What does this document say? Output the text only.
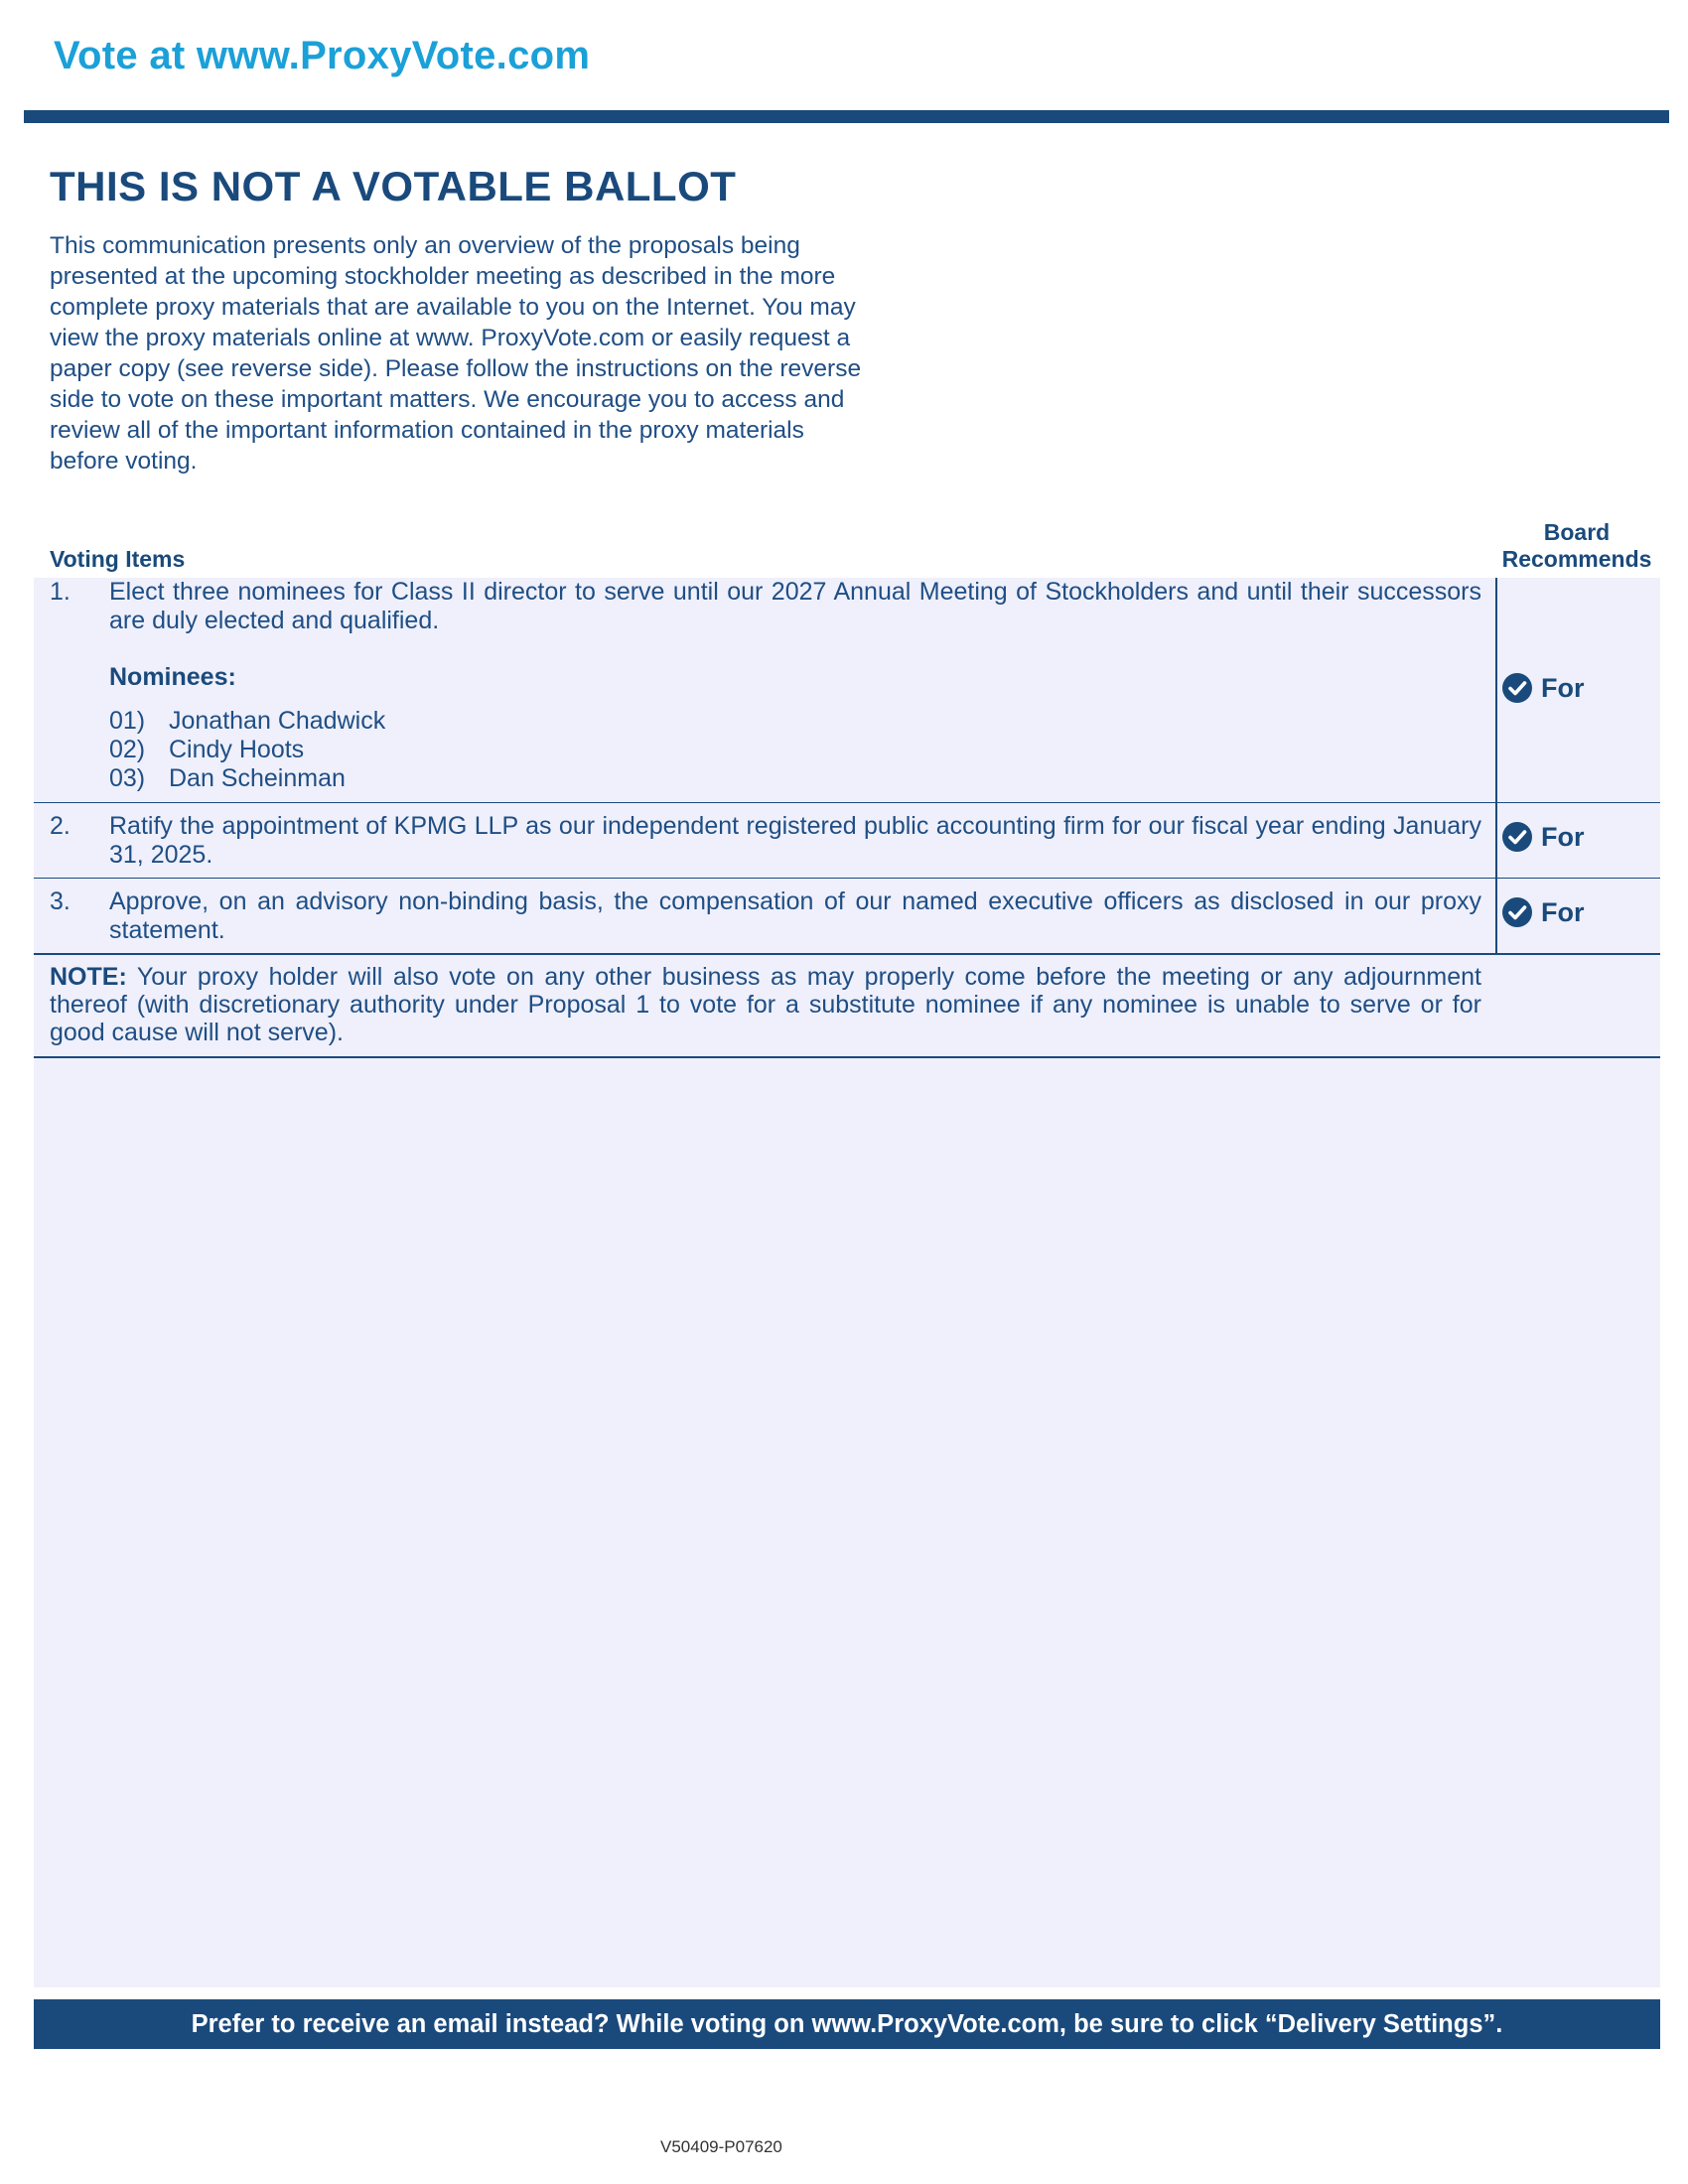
Vote at www.ProxyVote.com
THIS IS NOT A VOTABLE BALLOT
This communication presents only an overview of the proposals being presented at the upcoming stockholder meeting as described in the more complete proxy materials that are available to you on the Internet. You may view the proxy materials online at www. ProxyVote.com or easily request a paper copy (see reverse side). Please follow the instructions on the reverse side to vote on these important matters. We encourage you to access and review all of the important information contained in the proxy materials before voting.
Voting Items
Board
Recommends
1. Elect three nominees for Class II director to serve until our 2027 Annual Meeting of Stockholders and until their successors are duly elected and qualified.
Nominees:
01) Jonathan Chadwick
02) Cindy Hoots
03) Dan Scheinman
For
2. Ratify the appointment of KPMG LLP as our independent registered public accounting firm for our fiscal year ending January 31, 2025.
For
3. Approve, on an advisory non-binding basis, the compensation of our named executive officers as disclosed in our proxy statement.
For
NOTE: Your proxy holder will also vote on any other business as may properly come before the meeting or any adjournment thereof (with discretionary authority under Proposal 1 to vote for a substitute nominee if any nominee is unable to serve or for good cause will not serve).
Prefer to receive an email instead? While voting on www.ProxyVote.com, be sure to click “Delivery Settings”.
V50409-P07620
